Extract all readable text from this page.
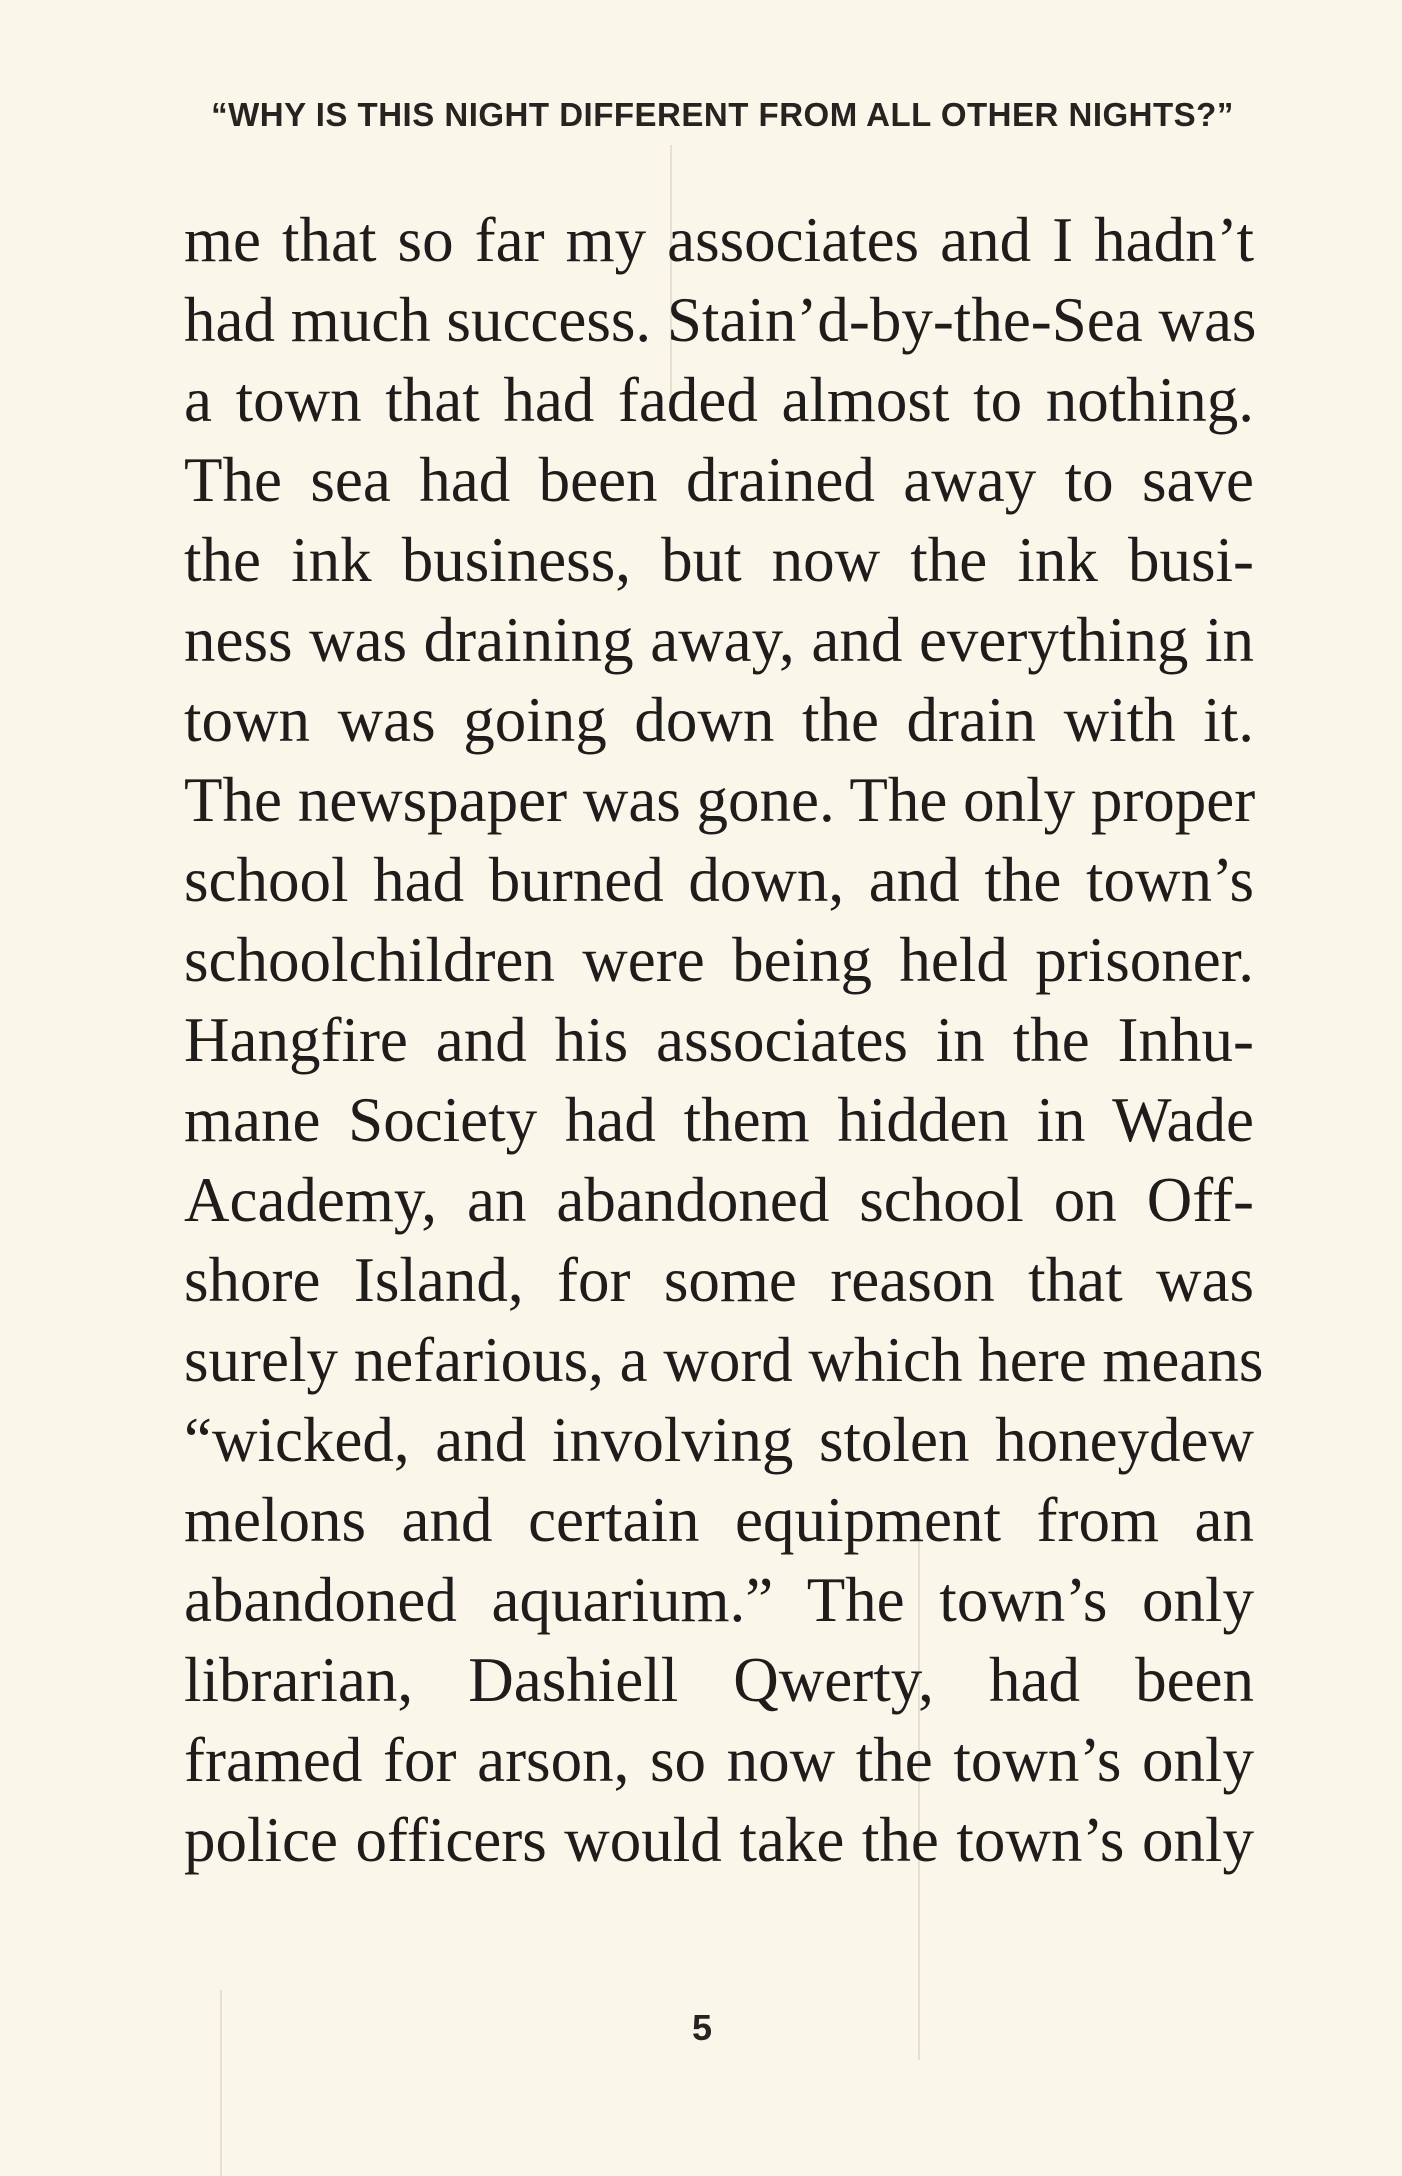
“WHY IS THIS NIGHT DIFFERENT FROM ALL OTHER NIGHTS?”
me that so far my associates and I hadn’t
had much success. Stain’d-by-the-Sea was
a town that had faded almost to nothing.
The sea had been drained away to save
the ink business, but now the ink busi-
ness was draining away, and everything in
town was going down the drain with it.
The newspaper was gone. The only proper
school had burned down, and the town’s
schoolchildren were being held prisoner.
Hangfire and his associates in the Inhu-
mane Society had them hidden in Wade
Academy, an abandoned school on Off-
shore Island, for some reason that was
surely nefarious, a word which here means
“wicked, and involving stolen honeydew
melons and certain equipment from an
abandoned aquarium.” The town’s only
librarian, Dashiell Qwerty, had been
framed for arson, so now the town’s only
police officers would take the town’s only
5
